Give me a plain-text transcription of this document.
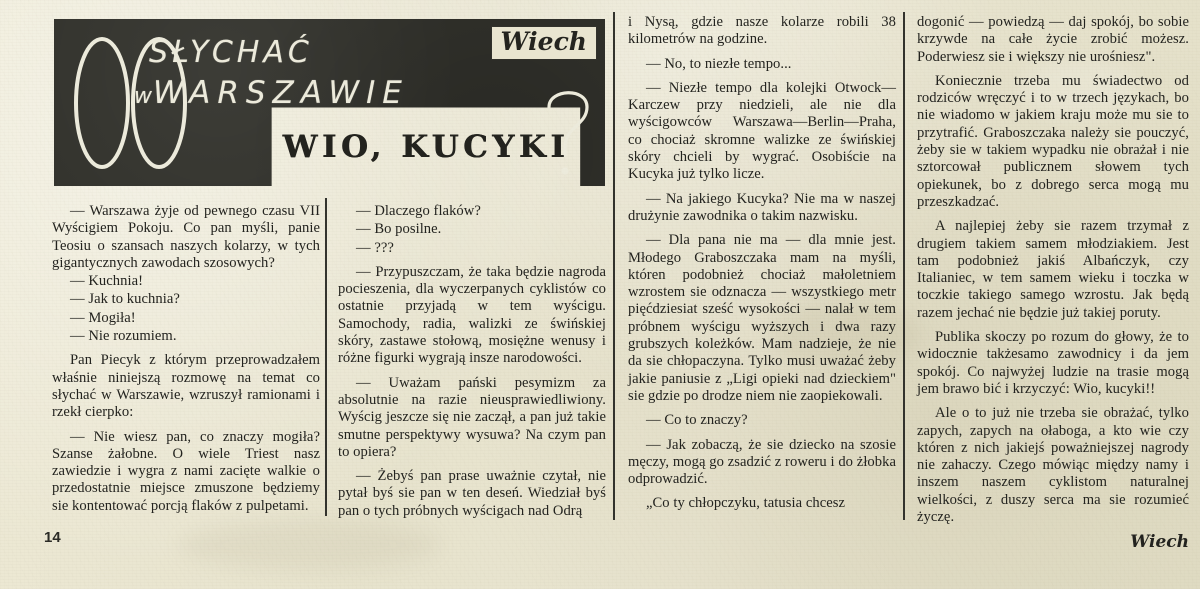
SŁYCHAĆ
wWARSZAWIE
Wiech
WIO, KUCYKI

— Warszawa żyje od pewnego czasu VII Wyścigiem Pokoju. Co pan myśli, panie Teosiu o szansach naszych kolarzy, w tych gigantycznych zawodach szosowych?

— Kuchnia!

— Jak to kuchnia?

— Mogiła!

— Nie rozumiem.

Pan Piecyk z którym przeprowadzałem właśnie niniejszą rozmowę na temat co słychać w Warszawie, wzruszył ramionami i rzekł cierpko:

— Nie wiesz pan, co znaczy mogiła? Szanse żałobne. O wiele Triest nasz zawiedzie i wygra z nami zacięte walkie o przedostatnie miejsce zmuszone będziemy sie kontentować porcją flaków z pulpetami.

— Dlaczego flaków?

— Bo posilne.

— ???

— Przypuszczam, że taka będzie nagroda pocieszenia, dla wyczerpanych cyklistów co ostatnie przyjadą w tem wyścigu. Samochody, radia, walizki ze świńskiej skóry, zastawe stołową, mosiężne wenusy i różne figurki wygrają insze narodowości.

— Uważam pański pesymizm za absolutnie na razie nieusprawiedliwiony. Wyścig jeszcze się nie zaczął, a pan już takie smutne perspektywy wysuwa? Na czym pan to opiera?

— Żebyś pan prase uważnie czytał, nie pytał byś sie pan w ten deseń. Wiedział byś pan o tych próbnych wyścigach nad Odrą

i Nysą, gdzie nasze kolarze robili 38 kilometrów na godzine.

— No, to niezłe tempo...

— Niezłe tempo dla kolejki Otwock—Karczew przy niedzieli, ale nie dla wyścigowców Warszawa—Berlin—Praha, co chociaż skromne walizke ze świńskiej skóry chcieli by wygrać. Osobiście na Kucyka już tylko licze.

— Na jakiego Kucyka? Nie ma w naszej drużynie zawodnika o takim nazwisku.

— Dla pana nie ma — dla mnie jest. Młodego Graboszczaka mam na myśli, któren podobnież chociaż małoletniem wzrostem sie odznacza — wszystkiego metr pięćdziesiat sześć wysokości — nalał w tem próbnem wyścigu wyższych i dwa razy grubszych koleżków. Mam nadzieje, że nie da sie chłopaczyna. Tylko musi uważać żeby jakie paniusie z „Ligi opieki nad dzieckiem" sie gdzie po drodze niem nie zaopiekowali.

— Co to znaczy?

— Jak zobaczą, że sie dziecko na szosie męczy, mogą go zsadzić z roweru i do żłobka odprowadzić.

„Co ty chłopczyku, tatusia chcesz

dogonić — powiedzą — daj spokój, bo sobie krzywde na całe życie zrobić możesz. Poderwiesz sie i większy nie urośniesz".

Koniecznie trzeba mu świadectwo od rodziców wręczyć i to w trzech językach, bo nie wiadomo w jakiem kraju może mu sie to przytrafić. Graboszczaka należy sie pouczyć, żeby sie w takiem wypadku nie obrażał i nie sztorcował publicznem słowem tych opiekunek, bo z dobrego serca mogą mu przeszkadzać.

A najlepiej żeby sie razem trzymał z drugiem takiem samem młodziakiem. Jest tam podobnież jakiś Albańczyk, czy Italianiec, w tem samem wieku i toczka w toczkie takiego samego wzrostu. Jak będą razem jechać nie będzie już takiej poruty.

Publika skoczy po rozum do głowy, że to widocznie takżesamo zawodnicy i da jem spokój. Co najwyżej ludzie na trasie mogą jem brawo bić i krzyczyć: Wio, kucyki!!

Ale o to już nie trzeba sie obrażać, tylko zapych, zapych na ołaboga, a kto wie czy któren z nich jakiejś poważniejszej nagrody nie zahaczy. Czego mówiąc między namy i inszem naszem cyklistom naturalnej wielkości, z duszy serca ma sie rozumieć życzę.

Wiech
14
